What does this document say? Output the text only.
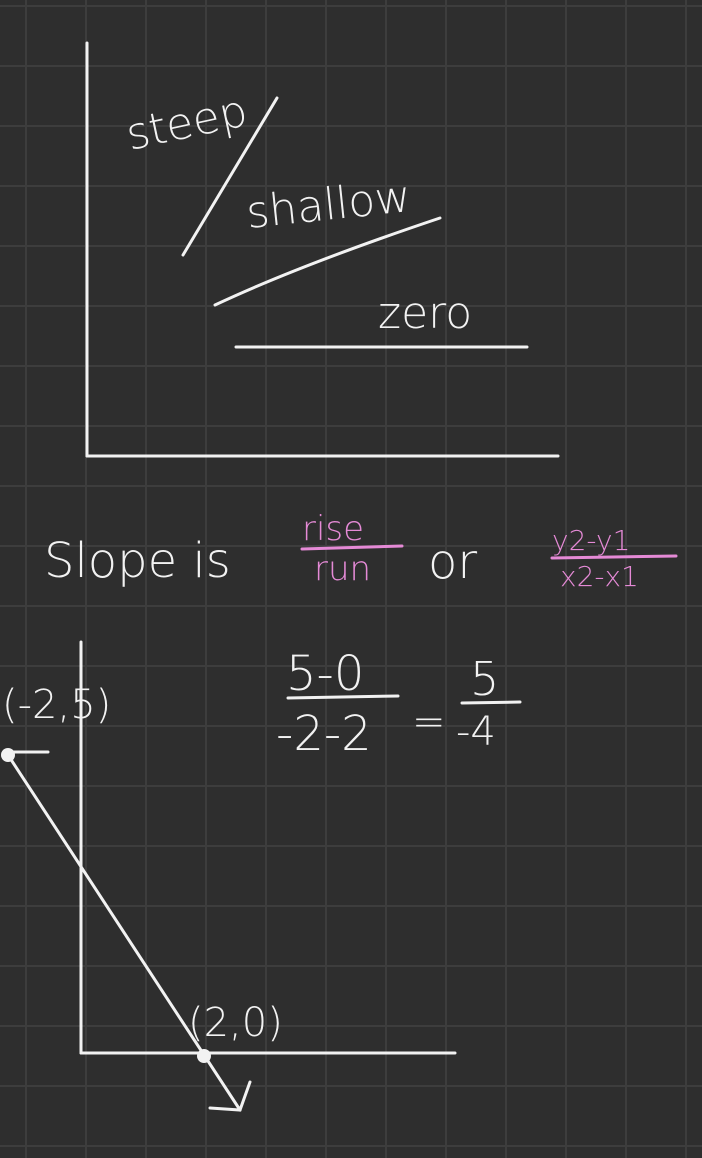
steep
shallow
zero
Slope is
rise
run or	y2-y1
x2-x1
(-2,5)
(2,0)
5-0
-2-2 =
5
-4
